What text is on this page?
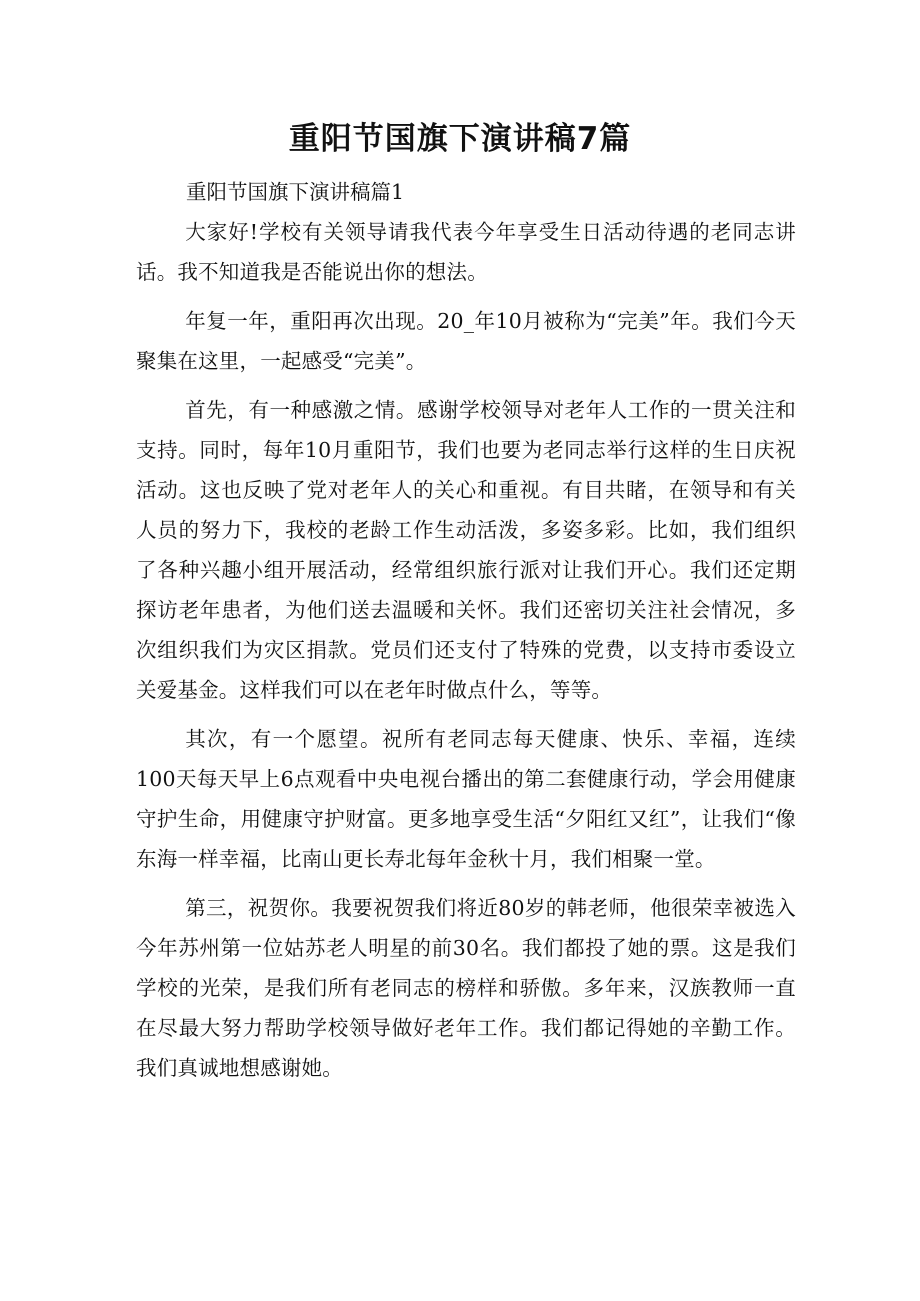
重阳节国旗下演讲稿7篇

重阳节国旗下演讲稿篇1

大家好!学校有关领导请我代表今年享受生日活动待遇的老同志讲话。我不知道我是否能说出你的想法。

年复一年，重阳再次出现。20_年10月被称为“完美”年。我们今天聚集在这里，一起感受“完美”。

首先，有一种感激之情。感谢学校领导对老年人工作的一贯关注和支持。同时，每年10月重阳节，我们也要为老同志举行这样的生日庆祝活动。这也反映了党对老年人的关心和重视。有目共睹，在领导和有关人员的努力下，我校的老龄工作生动活泼，多姿多彩。比如，我们组织了各种兴趣小组开展活动，经常组织旅行派对让我们开心。我们还定期探访老年患者，为他们送去温暖和关怀。我们还密切关注社会情况，多次组织我们为灾区捐款。党员们还支付了特殊的党费，以支持市委设立关爱基金。这样我们可以在老年时做点什么，等等。

其次，有一个愿望。祝所有老同志每天健康、快乐、幸福，连续100天每天早上6点观看中央电视台播出的第二套健康行动，学会用健康守护生命，用健康守护财富。更多地享受生活“夕阳红又红”，让我们“像东海一样幸福，比南山更长寿北每年金秋十月，我们相聚一堂。

第三，祝贺你。我要祝贺我们将近80岁的韩老师，他很荣幸被选入今年苏州第一位姑苏老人明星的前30名。我们都投了她的票。这是我们学校的光荣，是我们所有老同志的榜样和骄傲。多年来，汉族教师一直在尽最大努力帮助学校领导做好老年工作。我们都记得她的辛勤工作。我们真诚地想感谢她。
